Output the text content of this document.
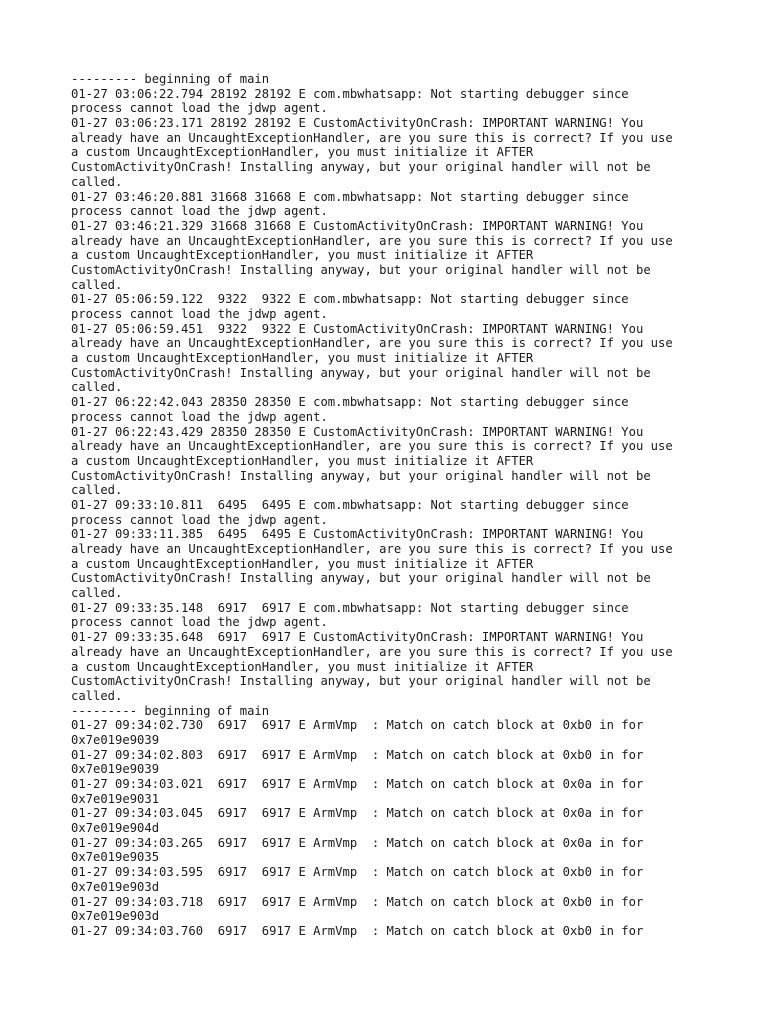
--------- beginning of main
01-27 03:06:22.794 28192 28192 E com.mbwhatsapp: Not starting debugger since
process cannot load the jdwp agent.
01-27 03:06:23.171 28192 28192 E CustomActivityOnCrash: IMPORTANT WARNING! You
already have an UncaughtExceptionHandler, are you sure this is correct? If you use
a custom UncaughtExceptionHandler, you must initialize it AFTER
CustomActivityOnCrash! Installing anyway, but your original handler will not be
called.
01-27 03:46:20.881 31668 31668 E com.mbwhatsapp: Not starting debugger since
process cannot load the jdwp agent.
01-27 03:46:21.329 31668 31668 E CustomActivityOnCrash: IMPORTANT WARNING! You
already have an UncaughtExceptionHandler, are you sure this is correct? If you use
a custom UncaughtExceptionHandler, you must initialize it AFTER
CustomActivityOnCrash! Installing anyway, but your original handler will not be
called.
01-27 05:06:59.122  9322  9322 E com.mbwhatsapp: Not starting debugger since
process cannot load the jdwp agent.
01-27 05:06:59.451  9322  9322 E CustomActivityOnCrash: IMPORTANT WARNING! You
already have an UncaughtExceptionHandler, are you sure this is correct? If you use
a custom UncaughtExceptionHandler, you must initialize it AFTER
CustomActivityOnCrash! Installing anyway, but your original handler will not be
called.
01-27 06:22:42.043 28350 28350 E com.mbwhatsapp: Not starting debugger since
process cannot load the jdwp agent.
01-27 06:22:43.429 28350 28350 E CustomActivityOnCrash: IMPORTANT WARNING! You
already have an UncaughtExceptionHandler, are you sure this is correct? If you use
a custom UncaughtExceptionHandler, you must initialize it AFTER
CustomActivityOnCrash! Installing anyway, but your original handler will not be
called.
01-27 09:33:10.811  6495  6495 E com.mbwhatsapp: Not starting debugger since
process cannot load the jdwp agent.
01-27 09:33:11.385  6495  6495 E CustomActivityOnCrash: IMPORTANT WARNING! You
already have an UncaughtExceptionHandler, are you sure this is correct? If you use
a custom UncaughtExceptionHandler, you must initialize it AFTER
CustomActivityOnCrash! Installing anyway, but your original handler will not be
called.
01-27 09:33:35.148  6917  6917 E com.mbwhatsapp: Not starting debugger since
process cannot load the jdwp agent.
01-27 09:33:35.648  6917  6917 E CustomActivityOnCrash: IMPORTANT WARNING! You
already have an UncaughtExceptionHandler, are you sure this is correct? If you use
a custom UncaughtExceptionHandler, you must initialize it AFTER
CustomActivityOnCrash! Installing anyway, but your original handler will not be
called.
--------- beginning of main
01-27 09:34:02.730  6917  6917 E ArmVmp  : Match on catch block at 0xb0 in for
0x7e019e9039
01-27 09:34:02.803  6917  6917 E ArmVmp  : Match on catch block at 0xb0 in for
0x7e019e9039
01-27 09:34:03.021  6917  6917 E ArmVmp  : Match on catch block at 0x0a in for
0x7e019e9031
01-27 09:34:03.045  6917  6917 E ArmVmp  : Match on catch block at 0x0a in for
0x7e019e904d
01-27 09:34:03.265  6917  6917 E ArmVmp  : Match on catch block at 0x0a in for
0x7e019e9035
01-27 09:34:03.595  6917  6917 E ArmVmp  : Match on catch block at 0xb0 in for
0x7e019e903d
01-27 09:34:03.718  6917  6917 E ArmVmp  : Match on catch block at 0xb0 in for
0x7e019e903d
01-27 09:34:03.760  6917  6917 E ArmVmp  : Match on catch block at 0xb0 in for
